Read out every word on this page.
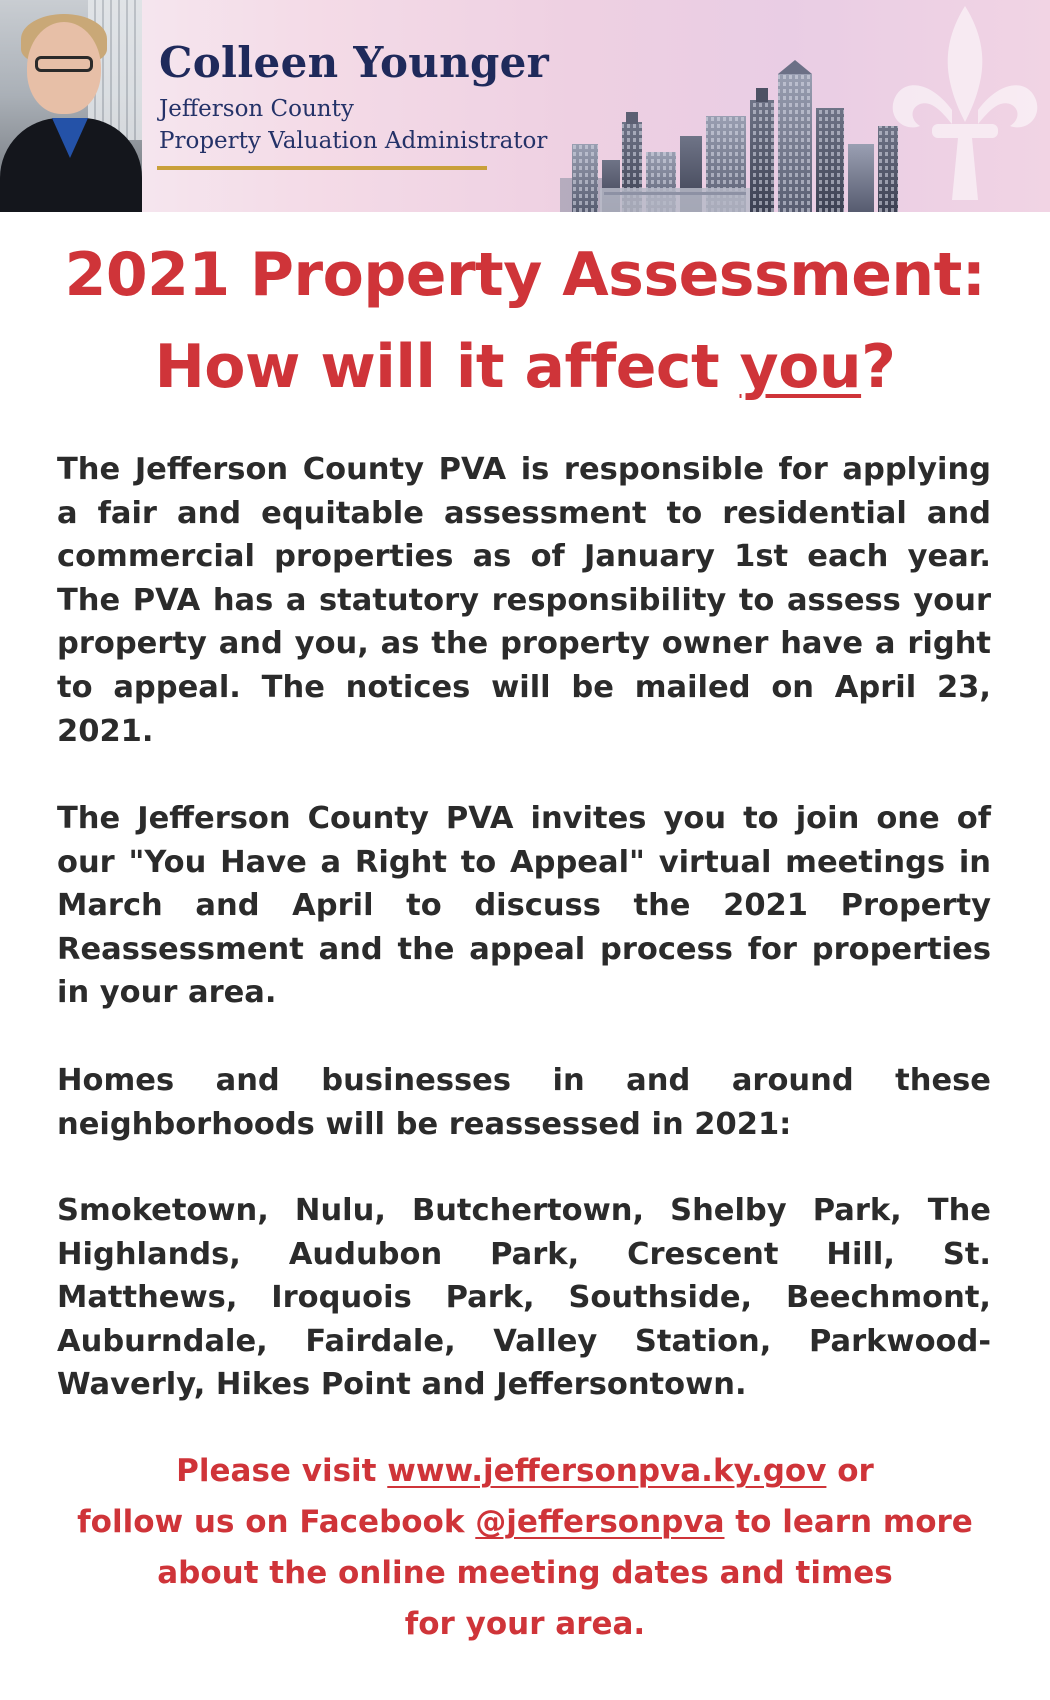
Colleen Younger
Jefferson County
Property Valuation Administrator
2021 Property Assessment:
How will it affect you?

The Jefferson County PVA is responsible for applying a fair and equitable assessment to residential and commercial properties as of January 1st each year. The PVA has a statutory responsibility to assess your property and you, as the property owner have a right to appeal. The notices will be mailed on April 23, 2021.

The Jefferson County PVA invites you to join one of our "You Have a Right to Appeal" virtual meetings in March and April to discuss the 2021 Property Reassessment and the appeal process for properties in your area.

Homes and businesses in and around these neighborhoods will be reassessed in 2021:

Smoketown, Nulu, Butchertown, Shelby Park, The Highlands, Audubon Park, Crescent Hill, St. Matthews, Iroquois Park, Southside, Beechmont, Auburndale, Fairdale, Valley Station, Parkwood-Waverly, Hikes Point and Jeffersontown.

Please visit www.jeffersonpva.ky.gov or
follow us on Facebook @jeffersonpva to learn more
about the online meeting dates and times
for your area.
